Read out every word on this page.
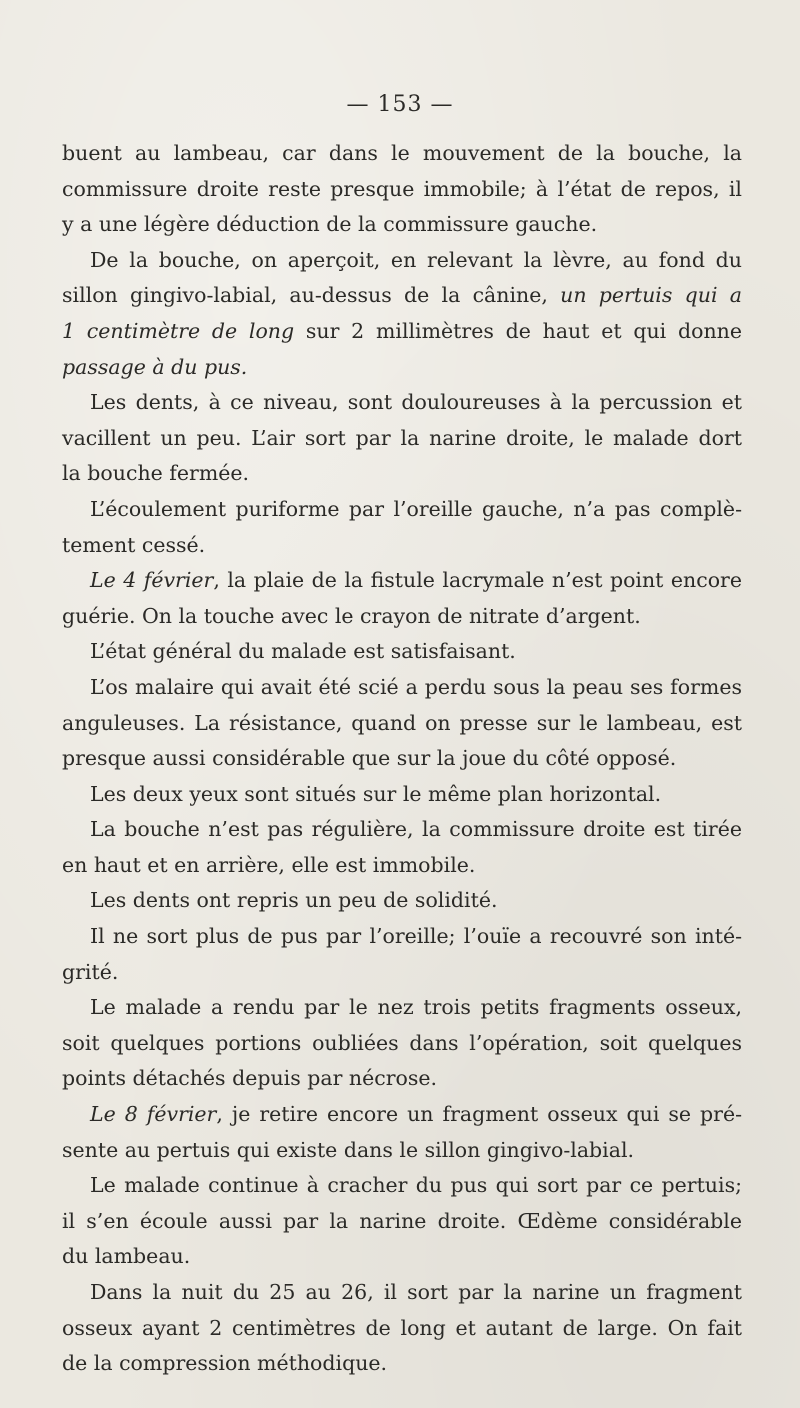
— 153 —
buent au lambeau, car dans le mouvement de la bouche, la
commissure droite reste presque immobile; à l’état de repos, il
y a une légère déduction de la commissure gauche.
De la bouche, on aperçoit, en relevant la lèvre, au fond du
sillon gingivo-labial, au-dessus de la cânine, un pertuis qui a
1 centimètre de long sur 2 millimètres de haut et qui donne
passage à du pus.
Les dents, à ce niveau, sont douloureuses à la percussion et
vacillent un peu. L’air sort par la narine droite, le malade dort
la bouche fermée.
L’écoulement puriforme par l’oreille gauche, n’a pas complè-
tement cessé.
Le 4 février, la plaie de la fistule lacrymale n’est point encore
guérie. On la touche avec le crayon de nitrate d’argent.
L’état général du malade est satisfaisant.
L’os malaire qui avait été scié a perdu sous la peau ses formes
anguleuses. La résistance, quand on presse sur le lambeau, est
presque aussi considérable que sur la joue du côté opposé.
Les deux yeux sont situés sur le même plan horizontal.
La bouche n’est pas régulière, la commissure droite est tirée
en haut et en arrière, elle est immobile.
Les dents ont repris un peu de solidité.
Il ne sort plus de pus par l’oreille; l’ouïe a recouvré son inté-
grité.
Le malade a rendu par le nez trois petits fragments osseux,
soit quelques portions oubliées dans l’opération, soit quelques
points détachés depuis par nécrose.
Le 8 février, je retire encore un fragment osseux qui se pré-
sente au pertuis qui existe dans le sillon gingivo-labial.
Le malade continue à cracher du pus qui sort par ce pertuis;
il s’en écoule aussi par la narine droite. Œdème considérable
du lambeau.
Dans la nuit du 25 au 26, il sort par la narine un fragment
osseux ayant 2 centimètres de long et autant de large. On fait
de la compression méthodique.
